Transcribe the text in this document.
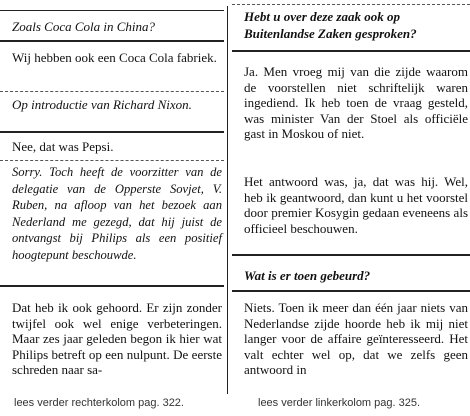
Zoals Coca Cola in China?

Wij hebben ook een Coca Cola fabriek.

Op introductie van Richard Nixon.

Nee, dat was Pepsi.

Sorry. Toch heeft de voorzitter van de delegatie van de Opperste Sovjet, V. Ruben, na afloop van het bezoek aan Nederland me gezegd, dat hij juist de ontvangst bij Philips als een positief hoogtepunt beschouwde.

Dat heb ik ook gehoord. Er zijn zonder twijfel ook wel enige verbeteringen. Maar zes jaar geleden begon ik hier wat Philips betreft op een nulpunt. De eerste schreden naar sa-

Hebt u over deze zaak ook op Buitenlandse Zaken gesproken?

Ja. Men vroeg mij van die zijde waarom de voorstellen niet schriftelijk waren ingediend. Ik heb toen de vraag gesteld, was minister Van der Stoel als officiële gast in Moskou of niet.

Het antwoord was, ja, dat was hij. Wel, heb ik geantwoord, dan kunt u het voorstel door premier Kosygin gedaan eveneens als officieel beschouwen.

Wat is er toen gebeurd?

Niets. Toen ik meer dan één jaar niets van Nederlandse zijde hoorde heb ik mij niet langer voor de affaire geïnteresseerd. Het valt echter wel op, dat we zelfs geen antwoord in

lees verder rechterkolom pag. 322.	lees verder linkerkolom pag. 325.
